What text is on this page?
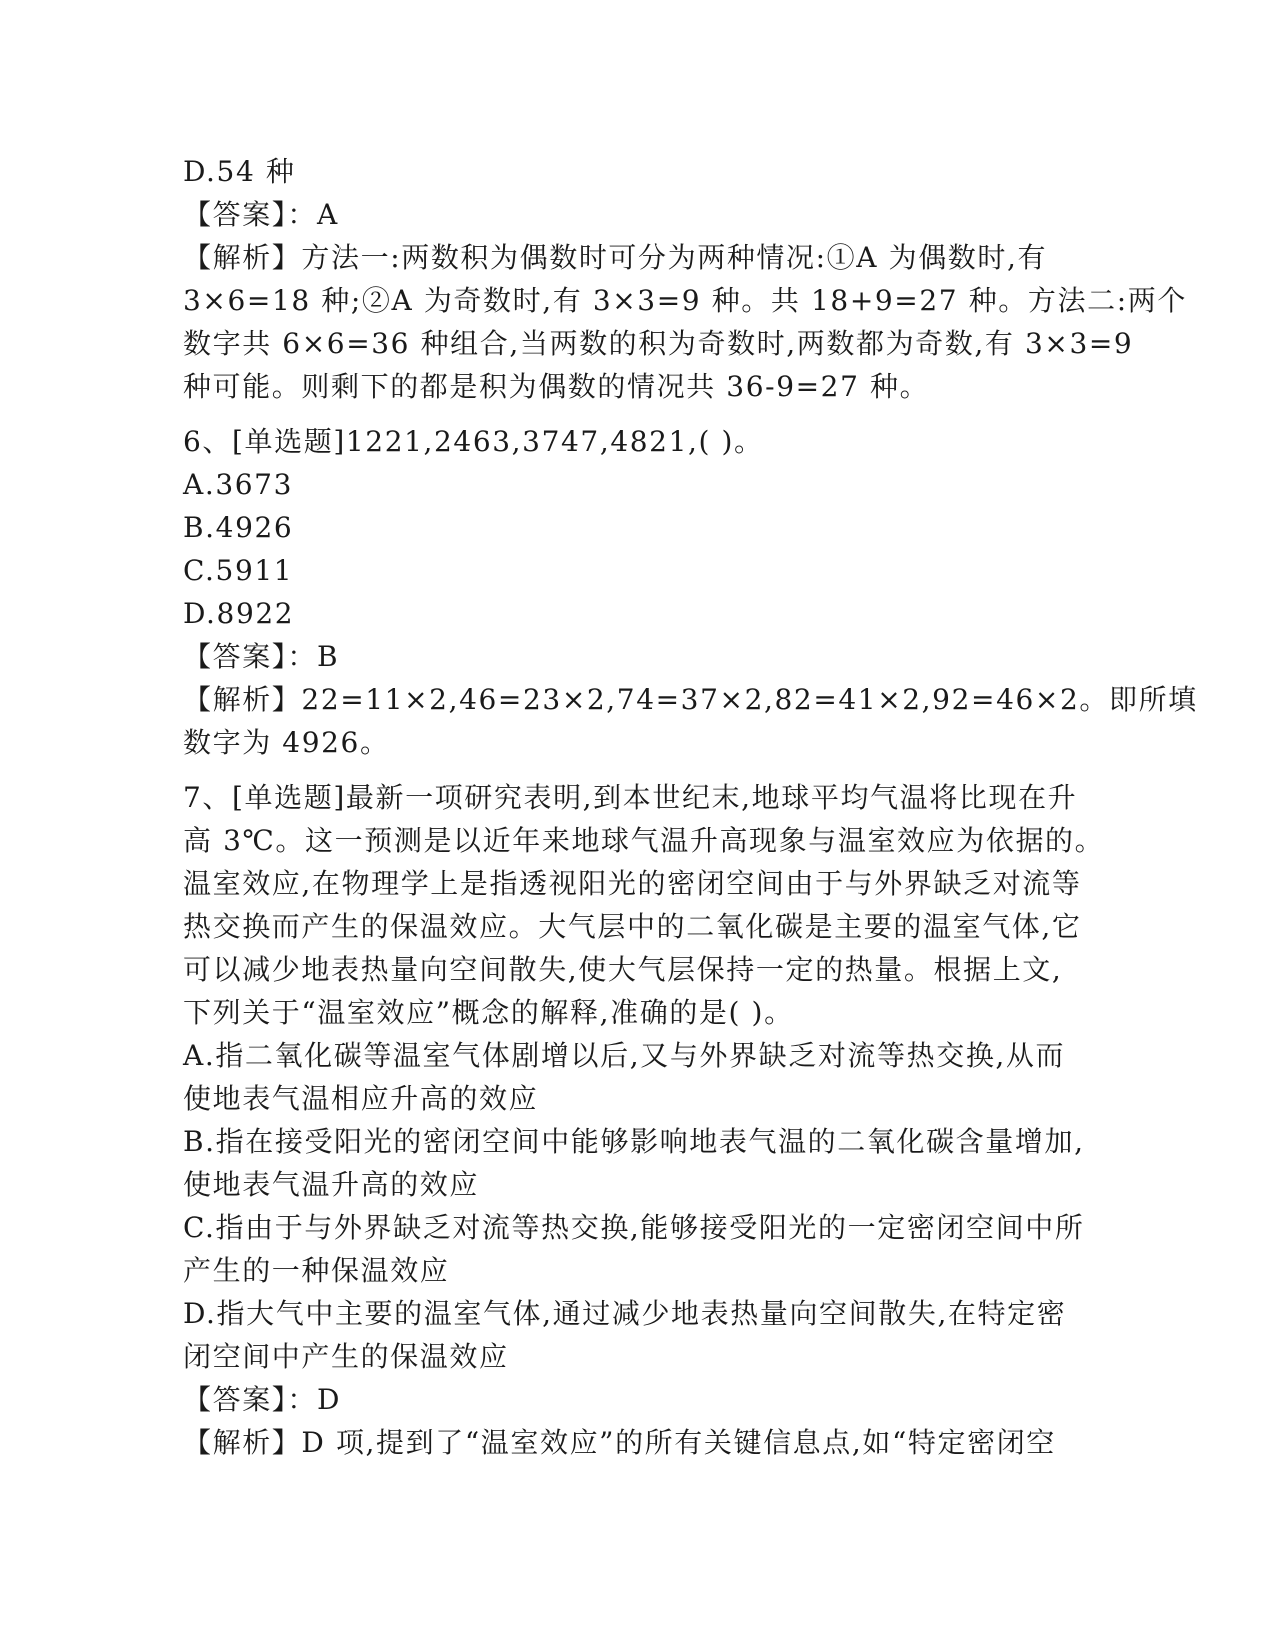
D.54 种
【答案】：A
【解析】方法一:两数积为偶数时可分为两种情况:①A 为偶数时,有
3×6=18 种;②A 为奇数时,有 3×3=9 种。共 18+9=27 种。方法二:两个
数字共 6×6=36 种组合,当两数的积为奇数时,两数都为奇数,有 3×3=9
种可能。则剩下的都是积为偶数的情况共 36-9=27 种。
6、[单选题]1221,2463,3747,4821,( )。
A.3673
B.4926
C.5911
D.8922
【答案】：B
【解析】22=11×2,46=23×2,74=37×2,82=41×2,92=46×2。即所填
数字为 4926。
7、[单选题]最新一项研究表明,到本世纪末,地球平均气温将比现在升
高 3℃。这一预测是以近年来地球气温升高现象与温室效应为依据的。
温室效应,在物理学上是指透视阳光的密闭空间由于与外界缺乏对流等
热交换而产生的保温效应。大气层中的二氧化碳是主要的温室气体,它
可以减少地表热量向空间散失,使大气层保持一定的热量。根据上文,
下列关于“温室效应”概念的解释,准确的是( )。
A.指二氧化碳等温室气体剧增以后,又与外界缺乏对流等热交换,从而
使地表气温相应升高的效应
B.指在接受阳光的密闭空间中能够影响地表气温的二氧化碳含量增加,
使地表气温升高的效应
C.指由于与外界缺乏对流等热交换,能够接受阳光的一定密闭空间中所
产生的一种保温效应
D.指大气中主要的温室气体,通过减少地表热量向空间散失,在特定密
闭空间中产生的保温效应
【答案】：D
【解析】D 项,提到了“温室效应”的所有关键信息点,如“特定密闭空
